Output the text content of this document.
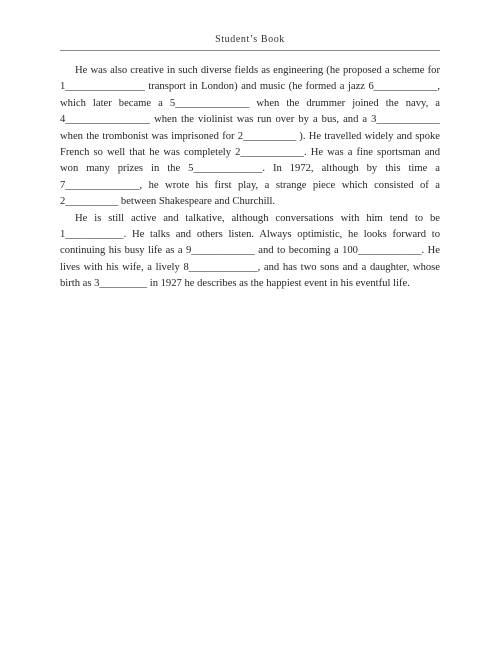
Student’s Book

He was also creative in such diverse fields as engineering (he proposed a scheme for 1_______________ transport in London) and music (he formed a jazz 6____________, which later became a 5______________ when the drummer joined the navy, a 4________________ when the violinist was run over by a bus, and a 3____________ when the trombonist was imprisoned for 2__________ ). He travelled widely and spoke French so well that he was completely 2____________. He was a fine sportsman and won many prizes in the 5_____________. In 1972, although by this time a 7______________, he wrote his first play, a strange piece which consisted of a 2__________ between Shakespeare and Churchill.

He is still active and talkative, although conversations with him tend to be 1___________. He talks and others listen. Always optimistic, he looks forward to continuing his busy life as a 9____________ and to becoming a 100____________. He lives with his wife, a lively 8_____________, and has two sons and a daughter, whose birth as 3_________ in 1927 he describes as the happiest event in his eventful life.
